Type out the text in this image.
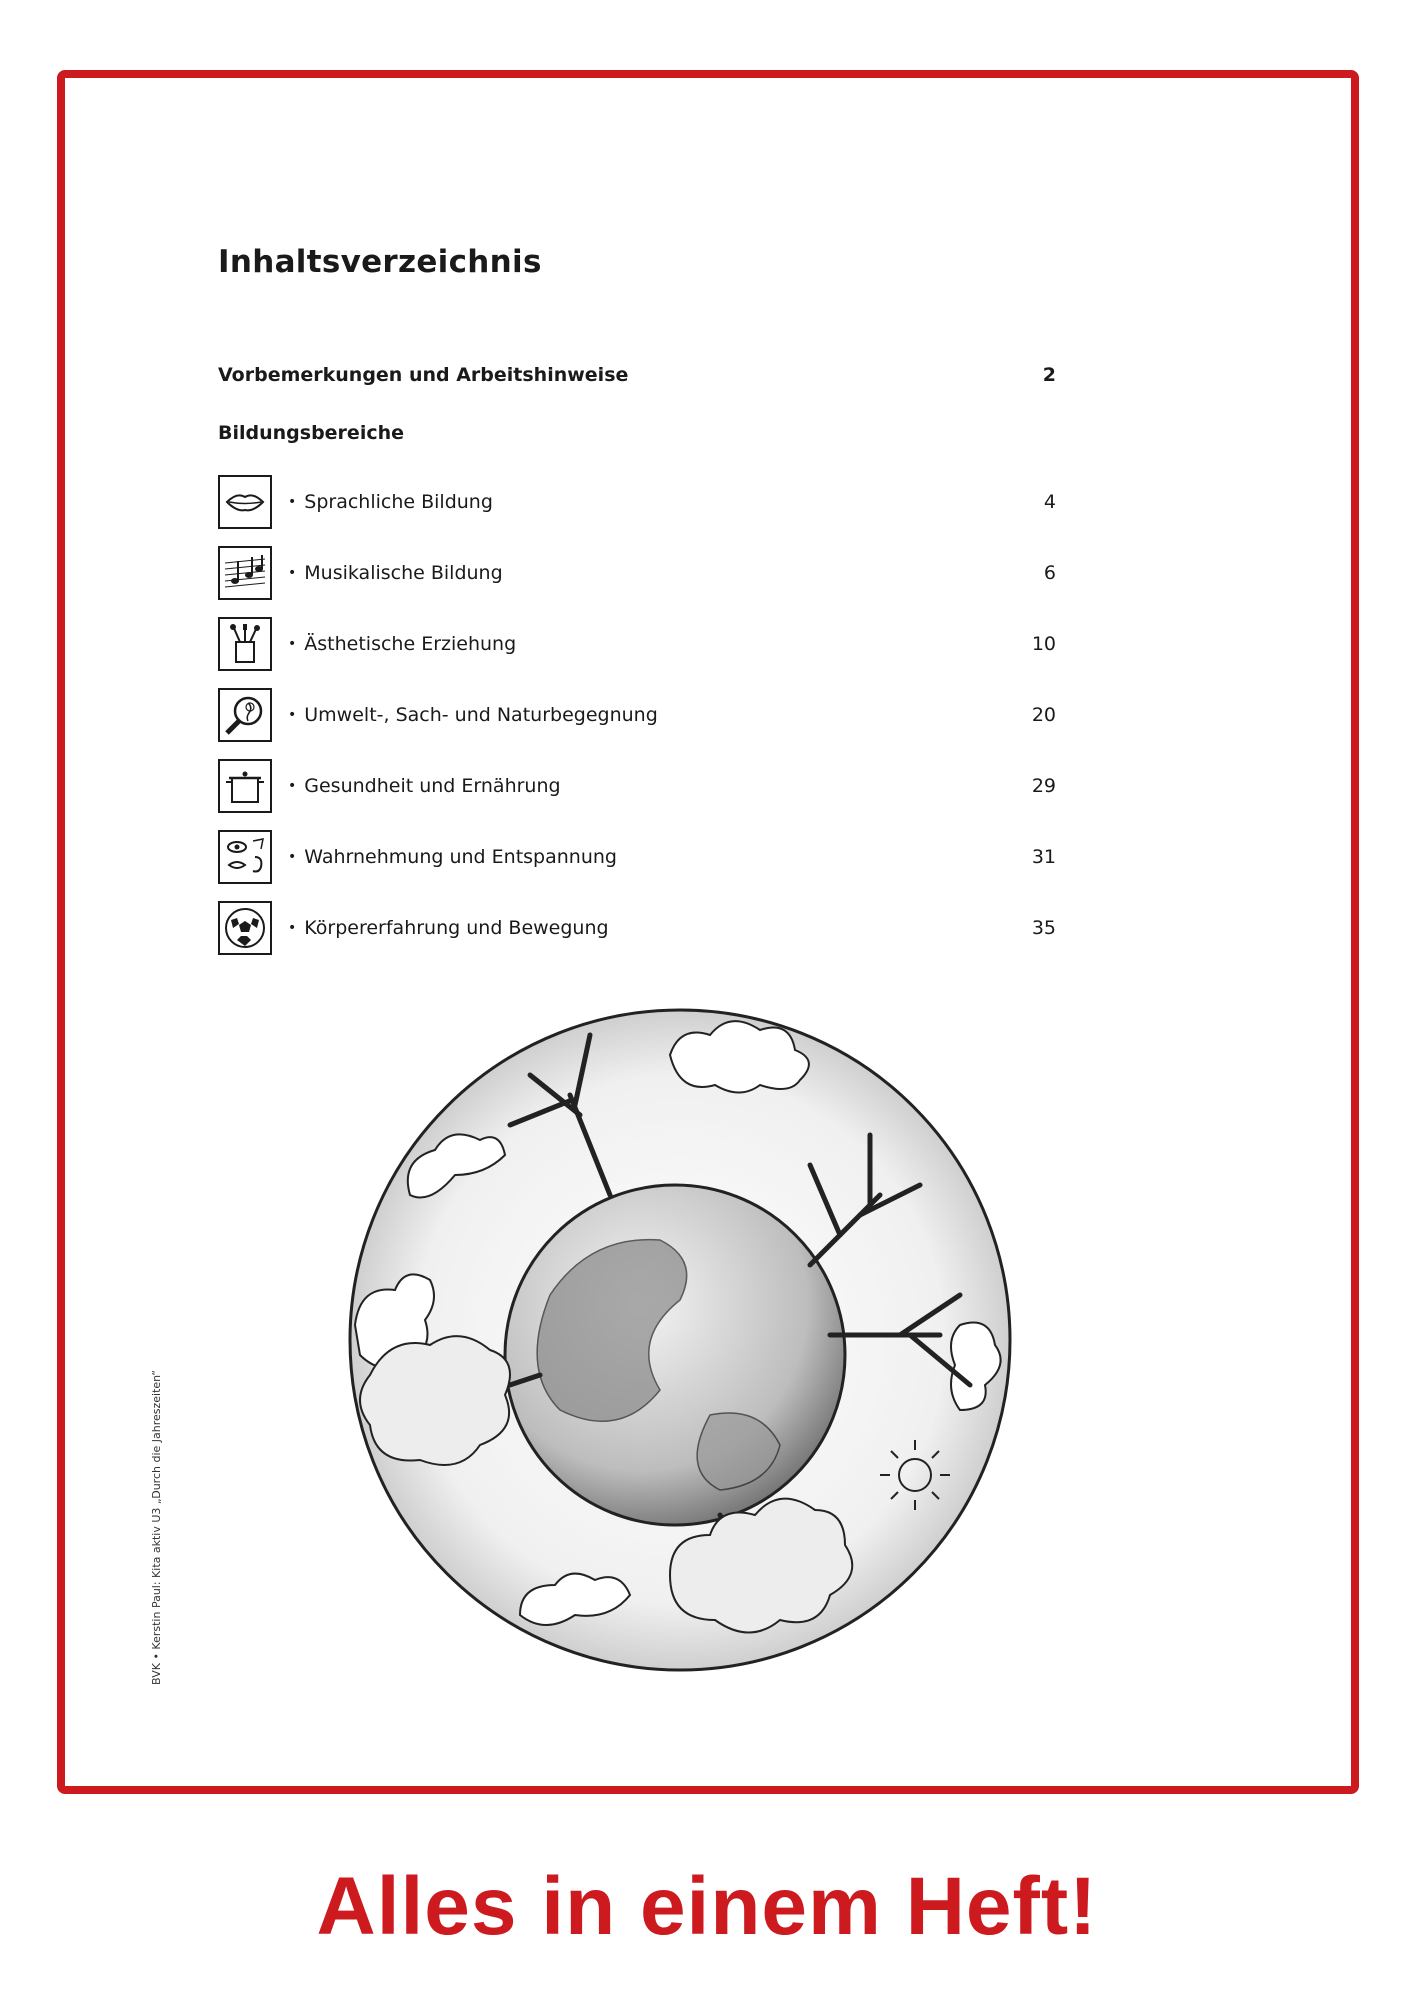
Inhaltsverzeichnis
Vorbemerkungen und Arbeitshinweise	2
Bildungsbereiche
• Sprachliche Bildung	4
• Musikalische Bildung	6
• Ästhetische Erziehung	10
• Umwelt-, Sach- und Naturbegegnung	20
• Gesundheit und Ernährung	29
• Wahrnehmung und Entspannung	31
• Körpererfahrung und Bewegung	35
BVK • Kerstin Paul: Kita aktiv U3 „Durch die Jahreszeiten“
Alles in einem Heft!
